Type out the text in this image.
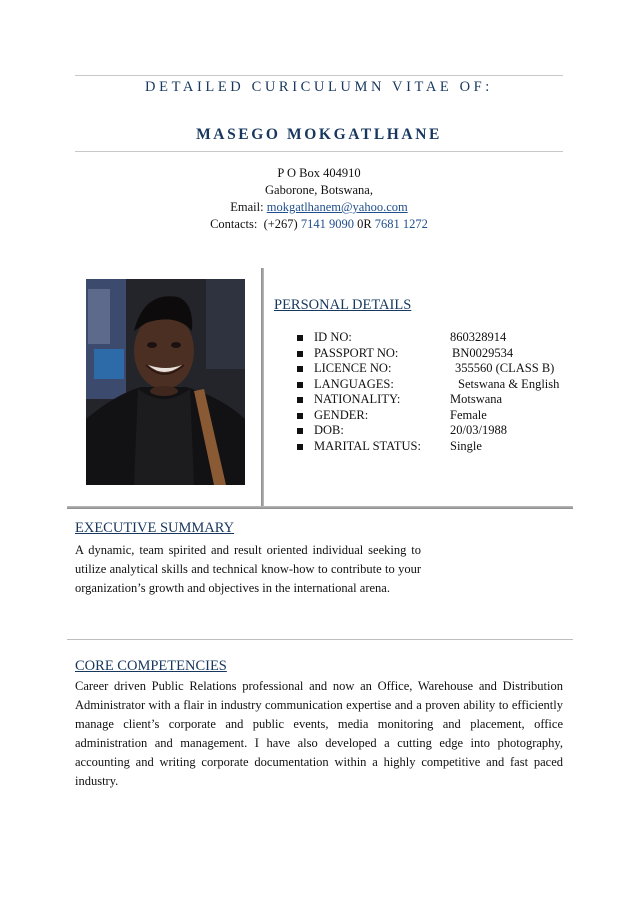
DETAILED CURICULUMN VITAE OF:
MASEGO MOKGATLHANE
P O Box 404910
Gaborone, Botswana,
Email: mokgatlhanem@yahoo.com
Contacts: (+267) 7141 9090 0R 7681 1272
PERSONAL DETAILS
ID NO:	860328914
PASSPORT NO:	BN0029534
LICENCE NO:	355560 (CLASS B)
LANGUAGES:	Setswana & English
NATIONALITY:	Motswana
GENDER:	Female
DOB:	20/03/1988
MARITAL STATUS: Single
EXECUTIVE SUMMARY

A dynamic, team spirited and result oriented individual seeking to utilize analytical skills and technical know-how to contribute to your organization’s growth and objectives in the international arena.

CORE COMPETENCIES

Career driven Public Relations professional and now an Office, Warehouse and Distribution Administrator with a flair in industry communication expertise and a proven ability to efficiently manage client’s corporate and public events, media monitoring and placement, office administration and management. I have also developed a cutting edge into photography, accounting and writing corporate documentation within a highly competitive and fast paced industry.
